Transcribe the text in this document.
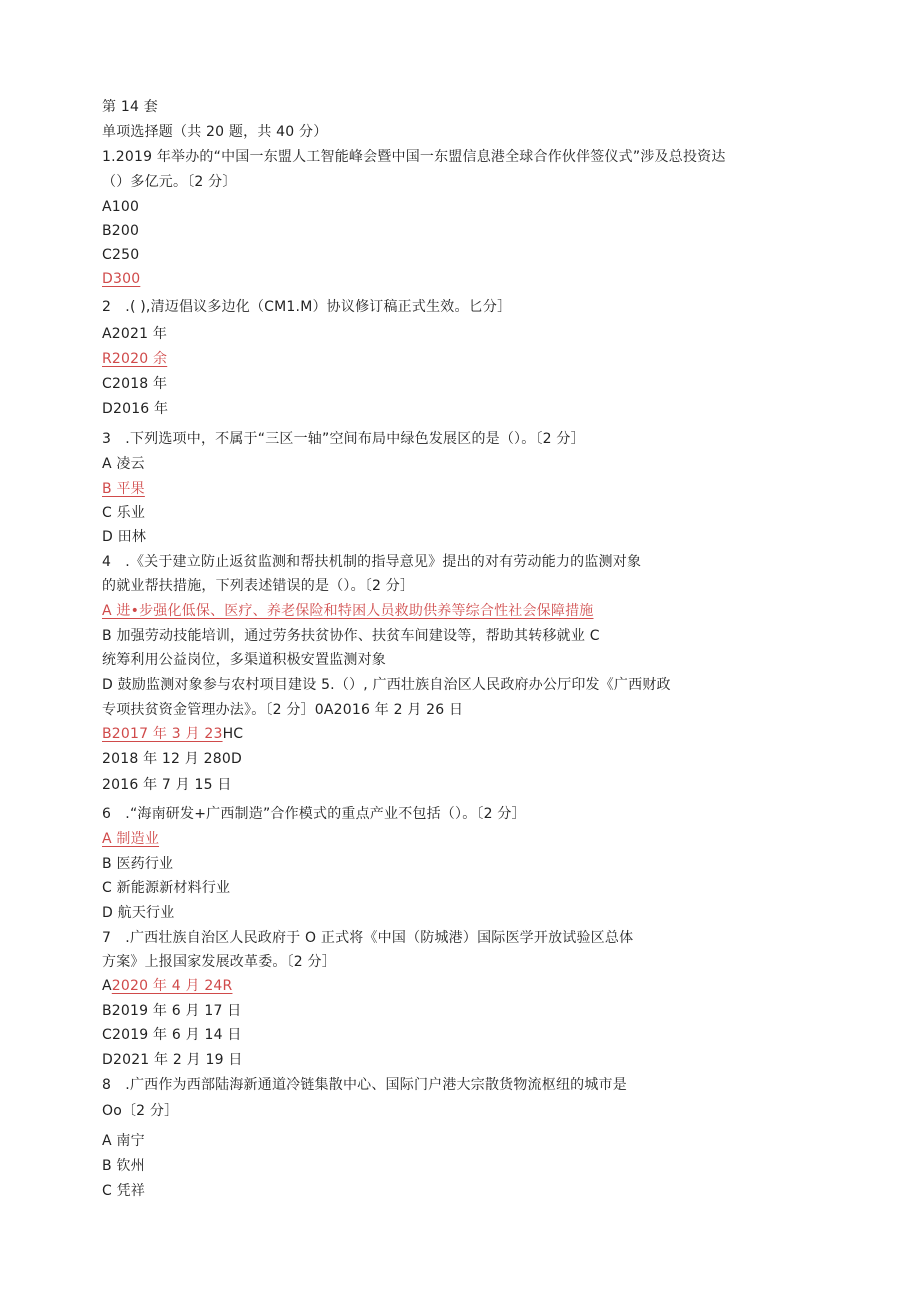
第 14 套
单项选择题（共 20 题，共 40 分）
1.2019 年举办的“中国一东盟人工智能峰会暨中国一东盟信息港全球合作伙伴签仪式”涉及总投资达
（）多亿元。〔2 分〕
A100
B200
C250
D300
2　.( ),清迈倡议多边化（CM1.M）协议修订稿正式生效。匕分］
A2021 年
R2020 余
C2018 年
D2016 年
3　.下列选项中，不属于“三区一轴”空间布局中绿色发展区的是（）。〔2 分］
A 凌云
B 平果
C 乐业
D 田林
4　.《关于建立防止返贫监测和帮扶机制的指导意见》提出的对有劳动能力的监测对象
的就业帮扶措施，下列表述错误的是（）。〔2 分］
A 进•步强化低保、医疗、养老保险和特困人员救助供养等综合性社会保障措施
B 加强劳动技能培训，通过劳务扶贫协作、扶贫车间建设等，帮助其转移就业 C
统筹利用公益岗位，多渠道积极安置监测对象
D 鼓励监测对象参与农村项目建设 5.（）, 广西壮族自治区人民政府办公厅印发《广西财政
专项扶贫资金管理办法》。〔2 分］0A2016 年 2 月 26 日
B2017 年 3 月 23HC
2018 年 12 月 280D
2016 年 7 月 15 日
6　.“海南研发+广西制造”合作模式的重点产业不包括（）。〔2 分］
A 制造业
B 医药行业
C 新能源新材料行业
D 航天行业
7　.广西壮族自治区人民政府于 O 正式将《中国（防城港）国际医学开放试验区总体
方案》上报国家发展改革委。〔2 分］
A2020 年 4 月 24R
B2019 年 6 月 17 日
C2019 年 6 月 14 日
D2021 年 2 月 19 日
8　.广西作为西部陆海新通道冷链集散中心、国际门户港大宗散货物流枢纽的城市是
Oo〔2 分］
A 南宁
B 钦州
C 凭祥
